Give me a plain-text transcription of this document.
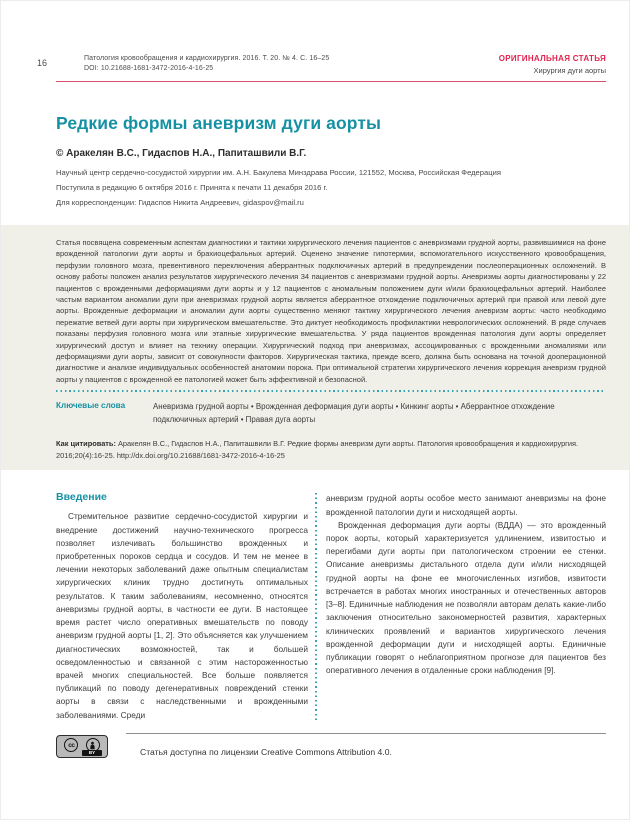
16	Патология кровообращения и кардиохирургия. 2016. Т. 20. № 4. С. 16–25
DOI: 10.21688-1681-3472-2016-4-16-25
ОРИГИНАЛЬНАЯ СТАТЬЯ
Хирургия дуги аорты
Редкие формы аневризм дуги аорты
© Аракелян В.С., Гидаспов Н.А., Папиташвили В.Г.
Научный центр сердечно-сосудистой хирургии им. А.Н. Бакулева Минздрава России, 121552, Москва, Российская Федерация
Поступила в редакцию 6 октября 2016 г. Принята к печати 11 декабря 2016 г.
Для корреспонденции: Гидаспов Никита Андреевич, gidaspov@mail.ru

Статья посвящена современным аспектам диагностики и тактики хирургического лечения пациентов с аневризмами грудной аорты, развившимися на фоне врожденной патологии дуги аорты и брахиоцефальных артерий. Оценено значение гипотермии, вспомогательного искусственного кровообращения, перфузии головного мозга, превентивного переключения аберрантных подключичных артерий в предупреждении послеоперационных осложнений. В основу работы положен анализ результатов хирургического лечения 34 пациентов с аневризмами грудной аорты. Аневризмы аорты диагностированы у 22 пациентов с врожденными деформациями дуги аорты и у 12 пациентов с аномальным положением дуги и/или брахиоцефальных артерий. Наиболее частым вариантом аномалии дуги при аневризмах грудной аорты является аберрантное отхождение подключичных артерий при правой или левой дуге аорты. Врожденные деформации и аномалии дуги аорты существенно меняют тактику хирургического лечения аневризм аорты: часто необходимо пережатие ветвей дуги аорты при хирургическом вмешательстве. Это диктует необходимость профилактики неврологических осложнений. В ряде случаев показаны перфузия головного мозга или этапные хирургические вмешательства. У ряда пациентов врожденная патология дуги аорты определяет хирургический доступ и влияет на технику операции. Хирургический подход при аневризмах, ассоциированных с врожденными аномалиями или деформациями дуги аорты, зависит от совокупности факторов. Хирургическая тактика, прежде всего, должна быть основана на точной дооперационной диагностике и анализе индивидуальных особенностей анатомии порока. При оптимальной стратегии хирургического лечения коррекция аневризм грудной аорты у пациентов с врожденной ее патологией может быть эффективной и безопасной.

Ключевые слова	Аневризма грудной аорты • Врожденная деформация дуги аорты • Кинкинг аорты • Аберрантное отхождение подключичных артерий • Правая дуга аорты

Как цитировать: Аракелян В.С., Гидаспов Н.А., Папиташвили В.Г. Редкие формы аневризм дуги аорты. Патология кровообращения и кардиохирургия. 2016;20(4):16-25. http://dx.doi.org/10.21688/1681-3472-2016-4-16-25

Введение

Стремительное развитие сердечно-сосудистой хирургии и внедрение достижений научно-технического прогресса позволяет излечивать большинство врожденных и приобретенных пороков сердца и сосудов. И тем не менее в лечении некоторых заболеваний даже опытным специалистам хирургических клиник трудно достигнуть оптимальных результатов. К таким заболеваниям, несомненно, относятся аневризмы грудной аорты, в частности ее дуги. В настоящее время растет число оперативных вмешательств по поводу аневризм грудной аорты [1, 2]. Это объясняется как улучшением диагностических возможностей, так и большей осведомленностью и связанной с этим настороженностью врачей многих специальностей. Все больше появляется публикаций по поводу дегенеративных повреждений стенки аорты в связи с наследственными и врожденными заболеваниями. Среди

аневризм грудной аорты особое место занимают аневризмы на фоне врожденной патологии дуги и нисходящей аорты.

Врожденная деформация дуги аорты (ВДДА) — это врожденный порок аорты, который характеризуется удлинением, извитостью и перегибами дуги аорты при патологическом строении ее стенки. Описание аневризмы дистального отдела дуги и/или нисходящей грудной аорты на фоне ее многочисленных изгибов, извитости встречается в работах многих иностранных и отечественных авторов [3–8]. Единичные наблюдения не позволяли авторам делать какие-либо заключения относительно закономерностей развития, характерных клинических проявлений и вариантов хирургического лечения врожденной деформации дуги и нисходящей аорты. Единичные публикации говорят о неблагоприятном прогнозе для пациентов без оперативного лечения в отдаленные сроки наблюдения [9].

cc
BY	Статья доступна по лицензии Creative Commons Attribution 4.0.
